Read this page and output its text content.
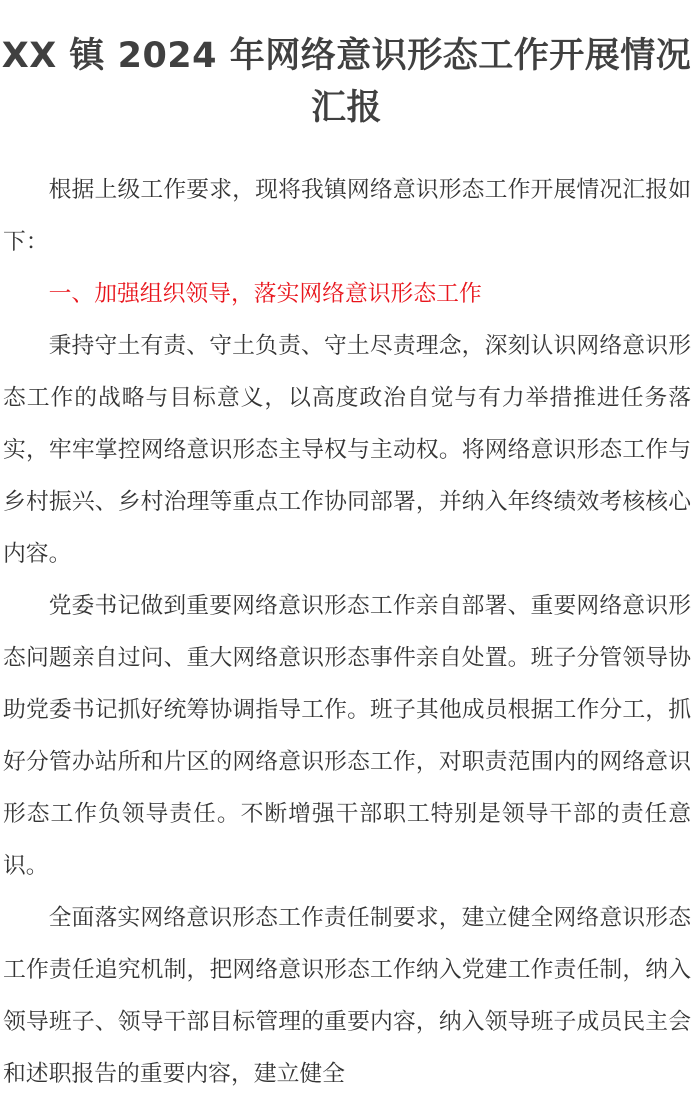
XX 镇 2024 年网络意识形态工作开展情况
汇报

根据上级工作要求，现将我镇网络意识形态工作开展情况汇报如下：

一、加强组织领导，落实网络意识形态工作

秉持守土有责、守土负责、守土尽责理念，深刻认识网络意识形态工作的战略与目标意义，以高度政治自觉与有力举措推进任务落实，牢牢掌控网络意识形态主导权与主动权。将网络意识形态工作与乡村振兴、乡村治理等重点工作协同部署，并纳入年终绩效考核核心内容。

党委书记做到重要网络意识形态工作亲自部署、重要网络意识形态问题亲自过问、重大网络意识形态事件亲自处置。班子分管领导协助党委书记抓好统筹协调指导工作。班子其他成员根据工作分工，抓好分管办站所和片区的网络意识形态工作，对职责范围内的网络意识形态工作负领导责任。不断增强干部职工特别是领导干部的责任意识。

全面落实网络意识形态工作责任制要求，建立健全网络意识形态工作责任追究机制，把网络意识形态工作纳入党建工作责任制，纳入领导班子、领导干部目标管理的重要内容，纳入领导班子成员民主会和述职报告的重要内容，建立健全
